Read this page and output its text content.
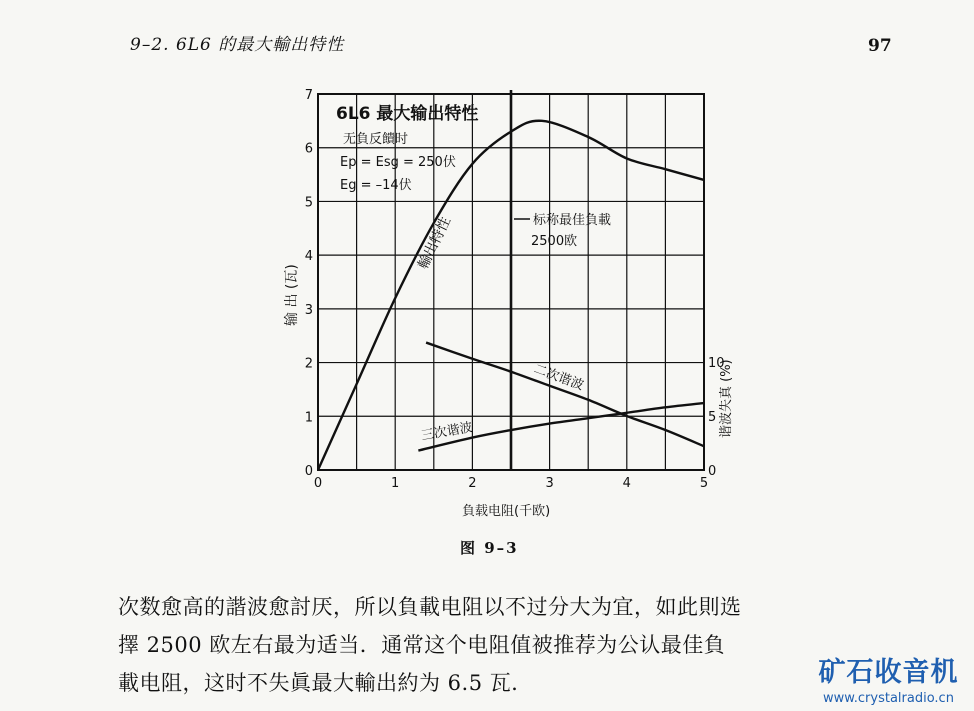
9–2. 6L6 的最大輸出特性	97
0	1	2	3	4	5
0
1
2
3
4
5
6
7
0
5
10
6L6 最大输出特性
无負反饋时
Ep = Esg = 250伏
Eg = –14伏
輸出特性	标称最佳負載
2500欧
二次谐波
三次谐波
输 出 (瓦)
谐波失真 (%)
負载电阻(千欧)
图 9–3
次数愈高的諧波愈討厌，所以負載电阻以不过分大为宜，如此則选
擇 2500 欧左右最为适当．通常这个电阻值被推荐为公认最佳負
載电阻，这时不失眞最大輸出約为 6.5 瓦．	矿石收音机
www.crystalradio.cn
